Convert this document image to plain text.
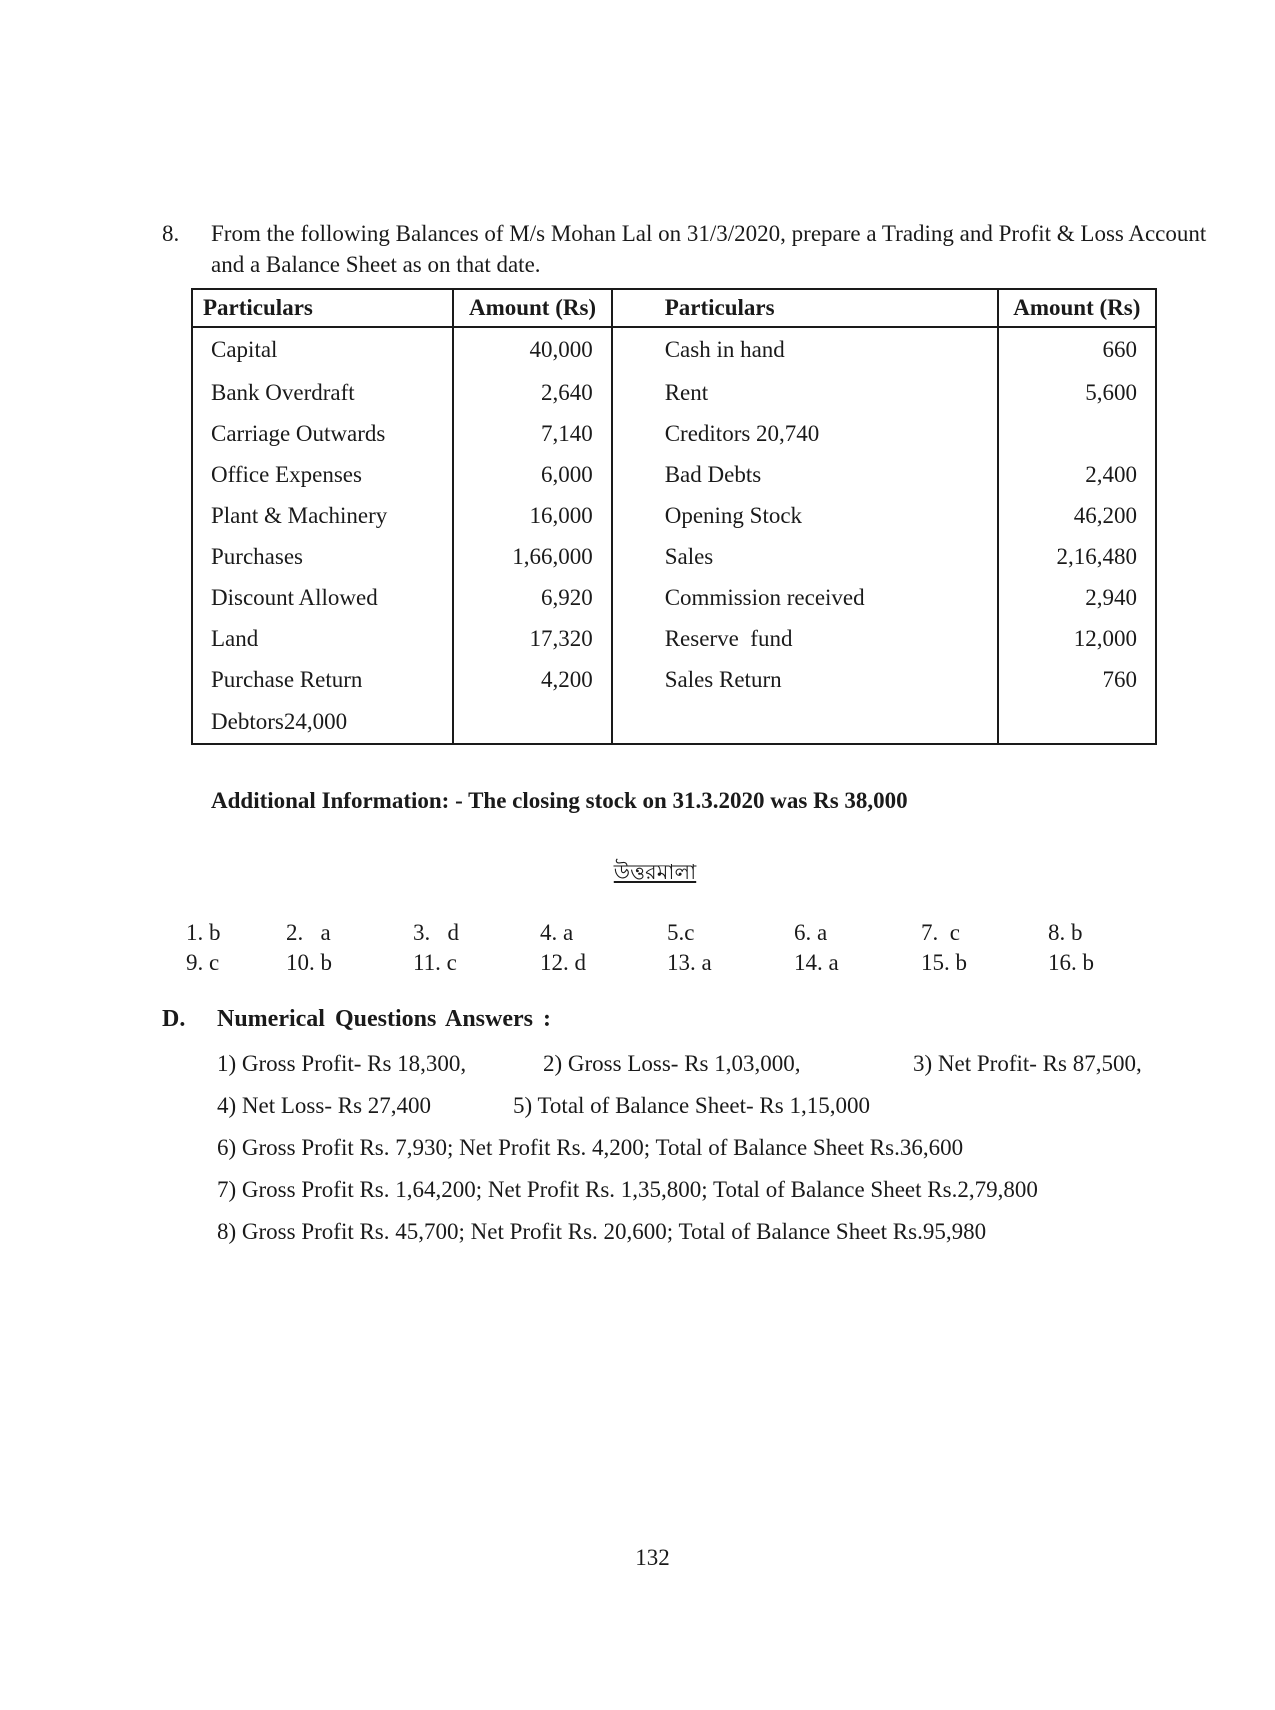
8. From the following Balances of M/s Mohan Lal on 31/3/2020, prepare a Trading and Profit & Loss Account and a Balance Sheet as on that date.
Particulars	Amount (Rs)	Particulars	Amount (Rs)
Capital	40,000	Cash in hand	660
Bank Overdraft	2,640	Rent	5,600
Carriage Outwards	7,140	Creditors 20,740	
Office Expenses	6,000	Bad Debts	2,400
Plant & Machinery	16,000	Opening Stock	46,200
Purchases	1,66,000	Sales	2,16,480
Discount Allowed	6,920	Commission received	2,940
Land	17,320	Reserve  fund	12,000
Purchase Return	4,200	Sales Return	760
Debtors24,000			
Additional Information: - The closing stock on 31.3.2020 was Rs 38,000
উত্তরমালা
1. b	2.   a	3.   d	4. a	5.c	6. a	7.  c	8. b
9. c	10. b	11. c	12. d	13. a	14. a	15. b	16. b
D. Numerical Questions Answers :
1) Gross Profit- Rs 18,300,	2) Gross Loss- Rs 1,03,000,	3) Net Profit- Rs 87,500,
4) Net Loss- Rs 27,400	5) Total of Balance Sheet- Rs 1,15,000
6) Gross Profit Rs. 7,930; Net Profit Rs. 4,200; Total of Balance Sheet Rs.36,600
7) Gross Profit Rs. 1,64,200; Net Profit Rs. 1,35,800; Total of Balance Sheet Rs.2,79,800
8) Gross Profit Rs. 45,700; Net Profit Rs. 20,600; Total of Balance Sheet Rs.95,980
132
